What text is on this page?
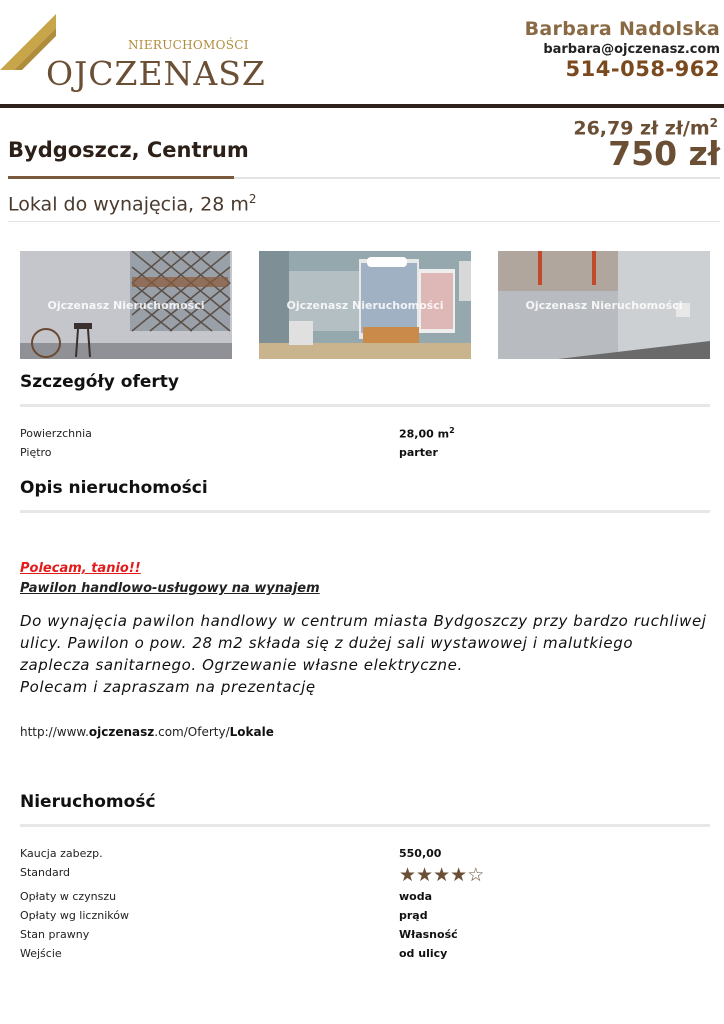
NIERUCHOMOŚCI
OJCZENASZ
Barbara Nadolska
barbara@ojczenasz.com
514-058-962
Bydgoszcz, Centrum
26,79 zł $zł/m^2$
750 zł
Lokal do wynajęcia, 28 $m^2$
Ojczenasz Nieruchomości	Ojczenasz Nieruchomości	Ojczenasz Nieruchomości
Szczegóły oferty
Powierzchnia	28,00 $m^2$
Piętro	parter
Opis nieruchomości
Polecam, tanio!!
Pawilon handlowo-usługowy na wynajem

Do wynajęcia pawilon handlowy w centrum miasta Bydgoszczy przy bardzo ruchliwej

ulicy. Pawilon o pow. 28 m2 składa się z dużej sali wystawowej i malutkiego

zaplecza sanitarnego. Ogrzewanie własne elektryczne.

Polecam i zapraszam na prezentację

http://www.ojczenasz.com/Oferty/Lokale
Nieruchomość
Kaucja zabezp.	550,00
Standard	★★★★☆
Opłaty w czynszu	woda
Opłaty wg liczników	prąd
Stan prawny	Własność
Wejście	od ulicy
